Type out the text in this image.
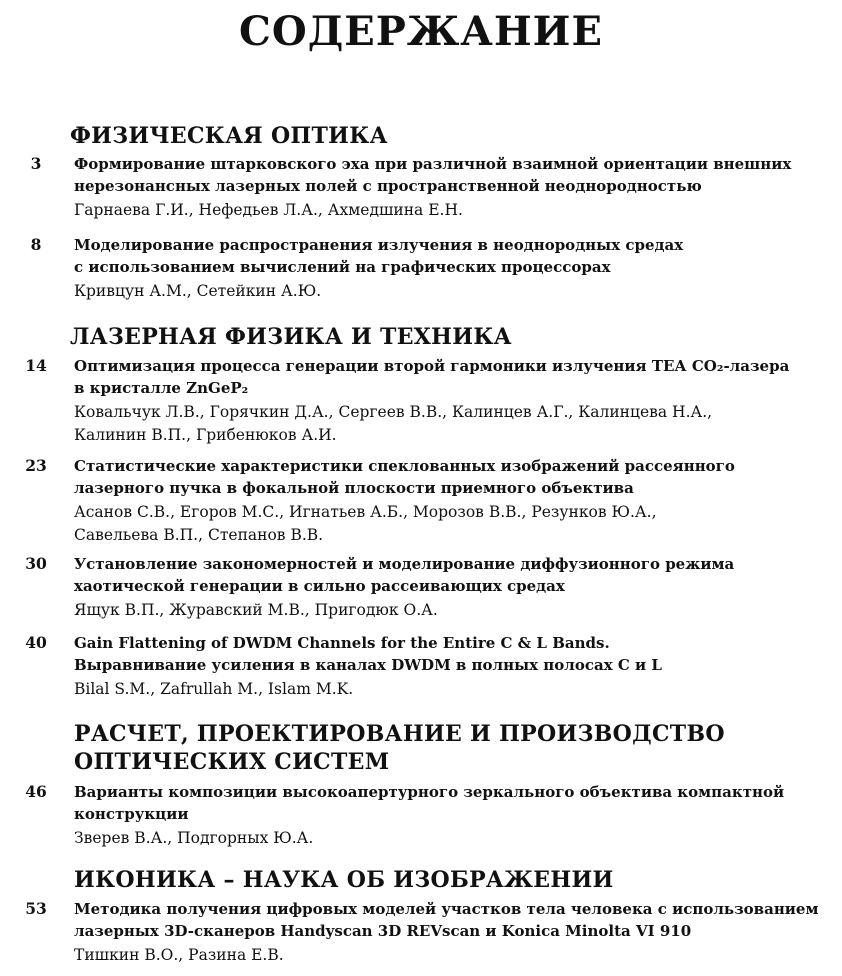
СОДЕРЖАНИЕ
ФИЗИЧЕСКАЯ ОПТИКА
3	Формирование штарковского эха при различной взаимной ориентации внешних
нерезонансных лазерных полей с пространственной неоднородностью
Гарнаева Г.И., Нефедьев Л.А., Ахмедшина Е.Н.
8	Моделирование распространения излучения в неоднородных средах
с использованием вычислений на графических процессорах
Кривцун А.М., Сетейкин А.Ю.
ЛАЗЕРНАЯ ФИЗИКА И ТЕХНИКА
14	Оптимизация процесса генерации второй гармоники излучения ТЕА CO₂-лазера
в кристалле ZnGeP₂
Ковальчук Л.В., Горячкин Д.А., Сергеев В.В., Калинцев А.Г., Калинцева Н.А.,
Калинин В.П., Грибенюков А.И.
23	Статистические характеристики спеклованных изображений рассеянного
лазерного пучка в фокальной плоскости приемного объектива
Асанов С.В., Егоров М.С., Игнатьев А.Б., Морозов В.В., Резунков Ю.А.,
Савельева В.П., Степанов В.В.
30	Установление закономерностей и моделирование диффузионного режима
хаотической генерации в сильно рассеивающих средах
Ящук В.П., Журавский М.В., Пригодюк О.А.
40	Gain Flattening of DWDM Channels for the Entire C & L Bands.
Выравнивание усиления в каналах DWDM в полных полосах C и L
Bilal S.M., Zafrullah M., Islam M.K.
РАСЧЕТ, ПРОЕКТИРОВАНИЕ И ПРОИЗВОДСТВО
ОПТИЧЕСКИХ СИСТЕМ
46	Варианты композиции высокоапертурного зеркального объектива компактной
конструкции
Зверев В.А., Подгорных Ю.А.
ИКОНИКА – НАУКА ОБ ИЗОБРАЖЕНИИ
53	Методика получения цифровых моделей участков тела человека с использованием
лазерных 3D-сканеров Handyscan 3D REVscan и Konica Minolta VI 910
Тишкин В.О., Разина Е.В.
